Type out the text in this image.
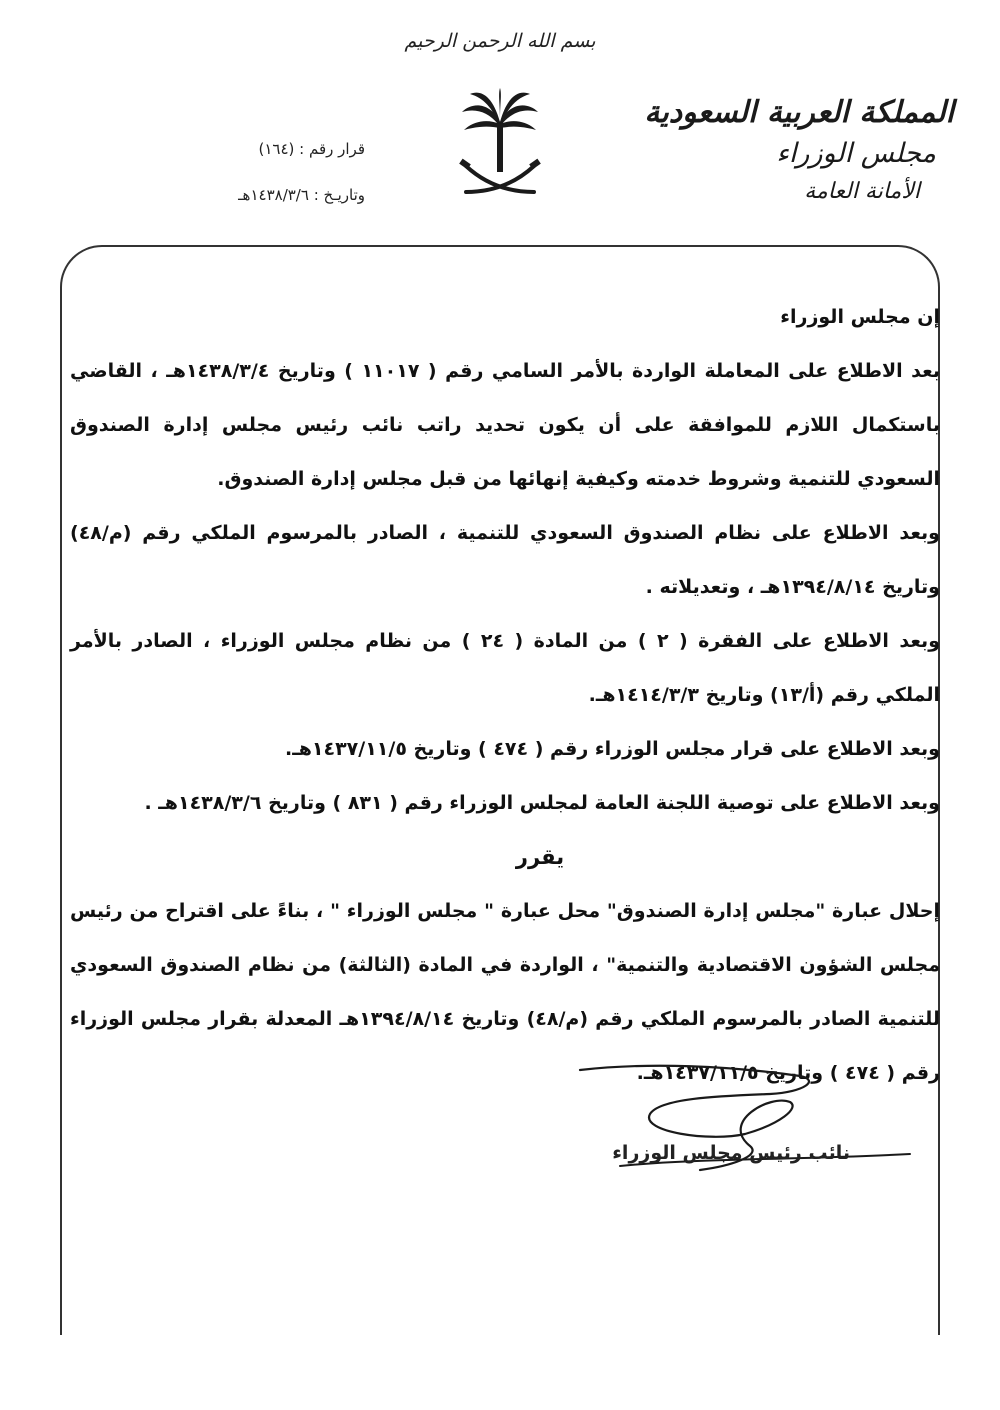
بسم الله الرحمن الرحيم
المملكة العربية السعودية
مجلس الوزراء
الأمانة العامة
قرار رقم : (١٦٤)
وتاريـخ : ١٤٣٨/٣/٦هـ

إن مجلس الوزراء

بعد الاطلاع على المعاملة الواردة بالأمر السامي رقم ( ١١٠١٧ ) وتاريخ ١٤٣٨/٣/٤هـ ، القاضي باستكمال اللازم للموافقة على أن يكون تحديد راتب نائب رئيس مجلس إدارة الصندوق السعودي للتنمية وشروط خدمته وكيفية إنهائها من قبل مجلس إدارة الصندوق.

وبعد الاطلاع على نظام الصندوق السعودي للتنمية ، الصادر بالمرسوم الملكي رقم (م/٤٨) وتاريخ ١٣٩٤/٨/١٤هـ ، وتعديلاته .

وبعد الاطلاع على الفقرة ( ٢ ) من المادة ( ٢٤ ) من نظام مجلس الوزراء ، الصادر بالأمر الملكي رقم (أ/١٣) وتاريخ ١٤١٤/٣/٣هـ.

وبعد الاطلاع على قرار مجلس الوزراء رقم ( ٤٧٤ ) وتاريخ ١٤٣٧/١١/٥هـ.

وبعد الاطلاع على توصية اللجنة العامة لمجلس الوزراء رقم ( ٨٣١ ) وتاريخ ١٤٣٨/٣/٦هـ .

يقرر

إحلال عبارة "مجلس إدارة الصندوق" محل عبارة " مجلس الوزراء " ، بناءً على اقتراح من رئيس مجلس الشؤون الاقتصادية والتنمية" ، الواردة في المادة (الثالثة) من نظام الصندوق السعودي للتنمية الصادر بالمرسوم الملكي رقم (م/٤٨) وتاريخ ١٣٩٤/٨/١٤هـ المعدلة بقرار مجلس الوزراء رقم ( ٤٧٤ ) وتاريخ ١٤٣٧/١١/٥هـ.

نائب رئيس مجلس الوزراء
